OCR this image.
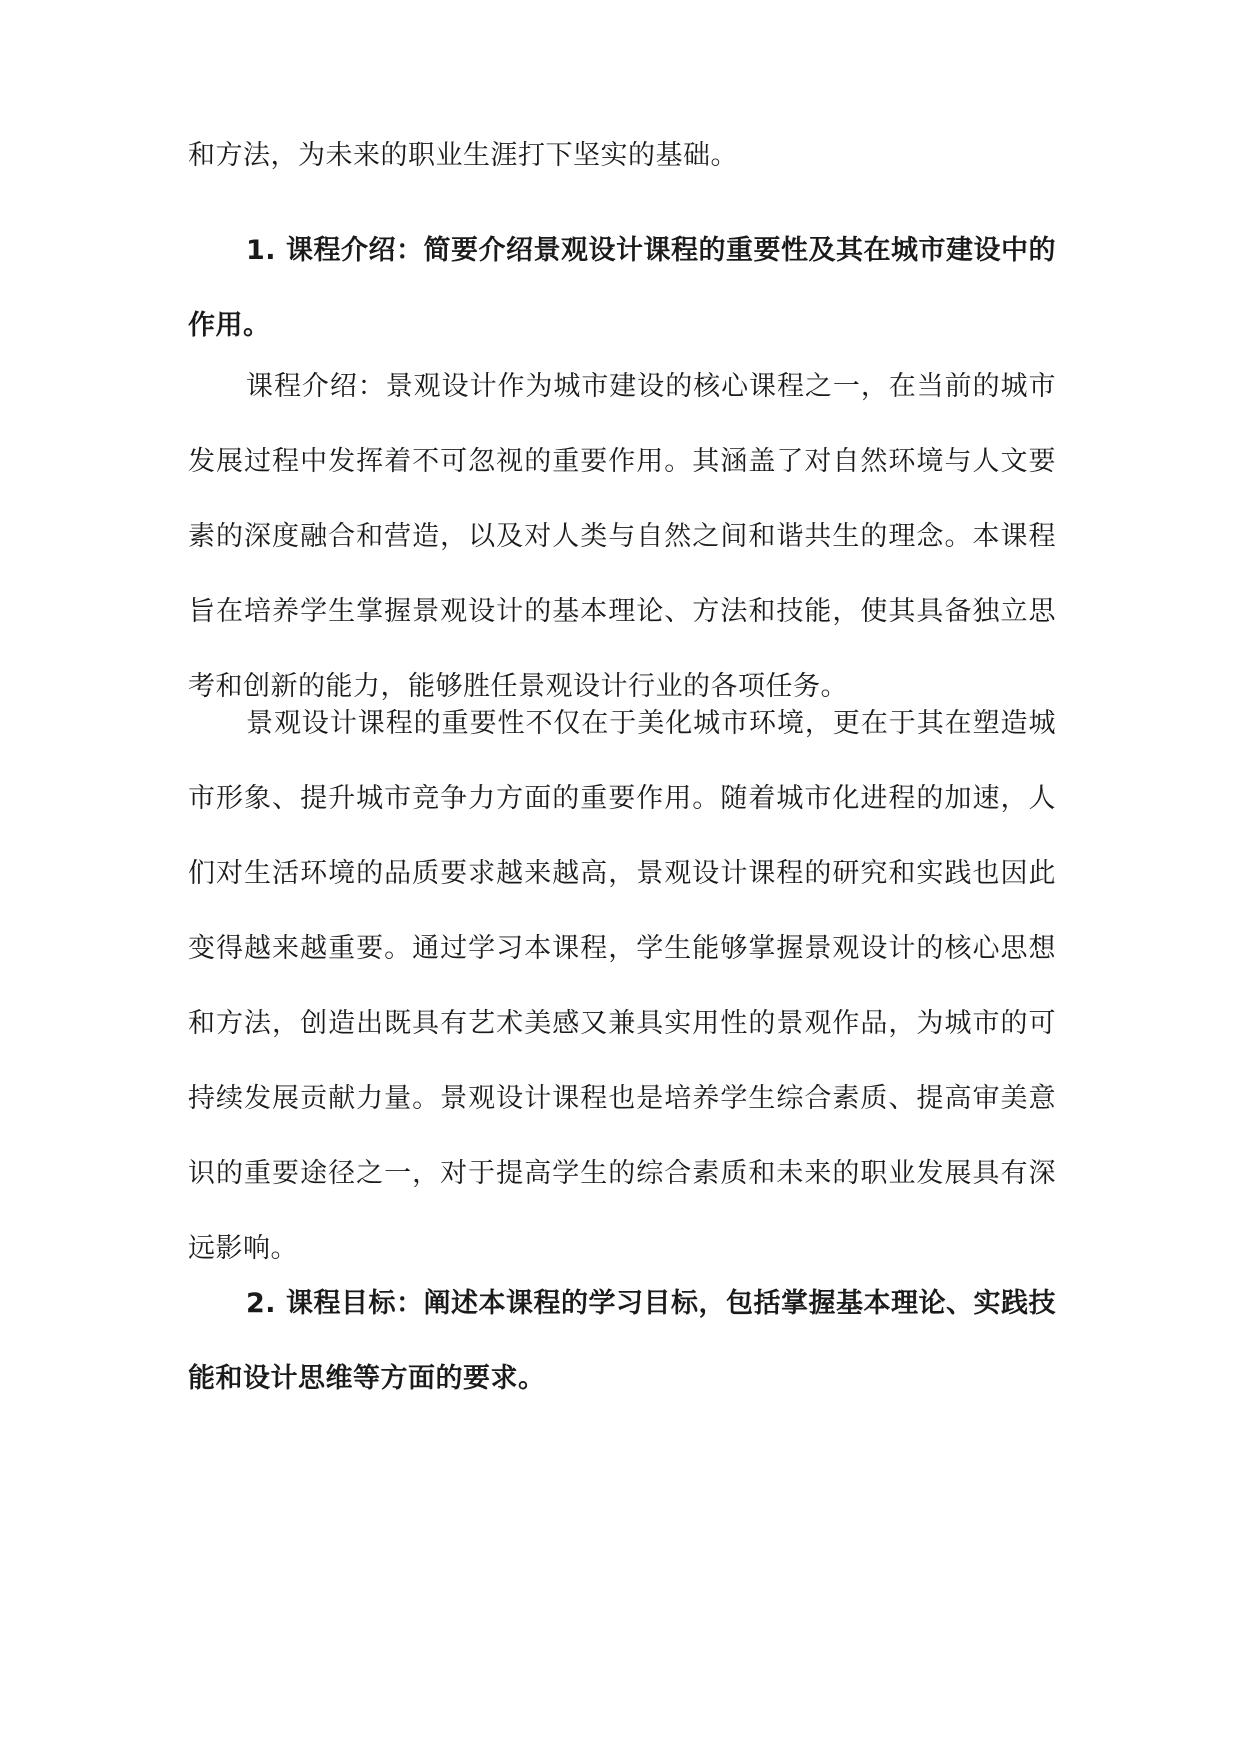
和方法，为未来的职业生涯打下坚实的基础。

1. 课程介绍：简要介绍景观设计课程的重要性及其在城市建设中的作用。

课程介绍：景观设计作为城市建设的核心课程之一，在当前的城市发展过程中发挥着不可忽视的重要作用。其涵盖了对自然环境与人文要素的深度融合和营造，以及对人类与自然之间和谐共生的理念。本课程旨在培养学生掌握景观设计的基本理论、方法和技能，使其具备独立思考和创新的能力，能够胜任景观设计行业的各项任务。

景观设计课程的重要性不仅在于美化城市环境，更在于其在塑造城市形象、提升城市竞争力方面的重要作用。随着城市化进程的加速，人们对生活环境的品质要求越来越高，景观设计课程的研究和实践也因此变得越来越重要。通过学习本课程，学生能够掌握景观设计的核心思想和方法，创造出既具有艺术美感又兼具实用性的景观作品，为城市的可持续发展贡献力量。景观设计课程也是培养学生综合素质、提高审美意识的重要途径之一，对于提高学生的综合素质和未来的职业发展具有深远影响。

2. 课程目标：阐述本课程的学习目标，包括掌握基本理论、实践技能和设计思维等方面的要求。
